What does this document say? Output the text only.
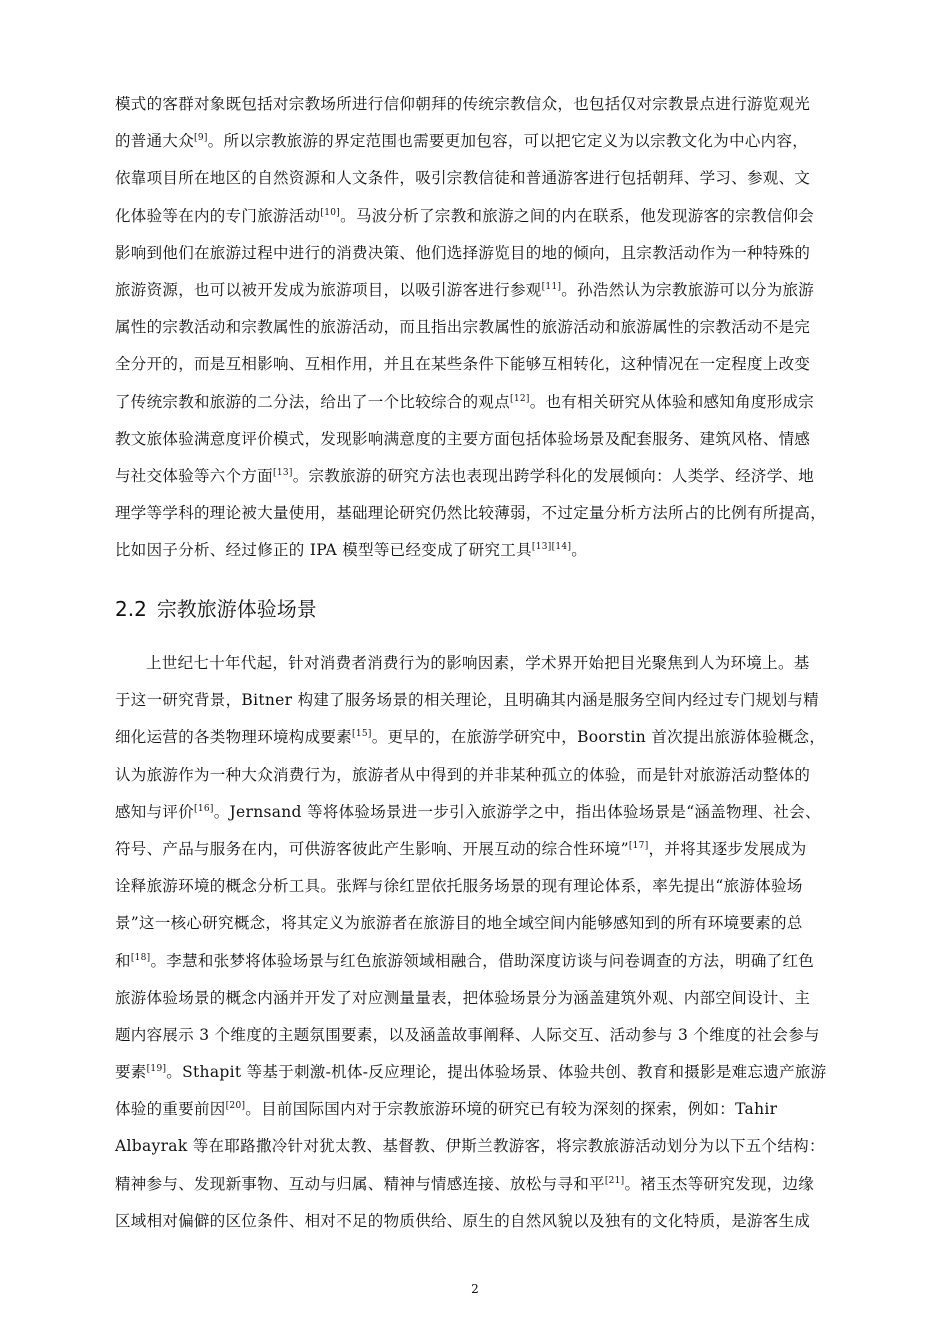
模式的客群对象既包括对宗教场所进行信仰朝拜的传统宗教信众，也包括仅对宗教景点进行游览观光
的普通大众[9]。所以宗教旅游的界定范围也需要更加包容，可以把它定义为以宗教文化为中心内容，
依靠项目所在地区的自然资源和人文条件，吸引宗教信徒和普通游客进行包括朝拜、学习、参观、文
化体验等在内的专门旅游活动[10]。马波分析了宗教和旅游之间的内在联系，他发现游客的宗教信仰会
影响到他们在旅游过程中进行的消费决策、他们选择游览目的地的倾向，且宗教活动作为一种特殊的
旅游资源，也可以被开发成为旅游项目，以吸引游客进行参观[11]。孙浩然认为宗教旅游可以分为旅游
属性的宗教活动和宗教属性的旅游活动，而且指出宗教属性的旅游活动和旅游属性的宗教活动不是完
全分开的，而是互相影响、互相作用，并且在某些条件下能够互相转化，这种情况在一定程度上改变
了传统宗教和旅游的二分法，给出了一个比较综合的观点[12]。也有相关研究从体验和感知角度形成宗
教文旅体验满意度评价模式，发现影响满意度的主要方面包括体验场景及配套服务、建筑风格、情感
与社交体验等六个方面[13]。宗教旅游的研究方法也表现出跨学科化的发展倾向：人类学、经济学、地
理学等学科的理论被大量使用，基础理论研究仍然比较薄弱，不过定量分析方法所占的比例有所提高，
比如因子分析、经过修正的 IPA 模型等已经变成了研究工具[13][14]。
2.2 宗教旅游体验场景
上世纪七十年代起，针对消费者消费行为的影响因素，学术界开始把目光聚焦到人为环境上。基
于这一研究背景，Bitner 构建了服务场景的相关理论，且明确其内涵是服务空间内经过专门规划与精
细化运营的各类物理环境构成要素[15]。更早的，在旅游学研究中，Boorstin 首次提出旅游体验概念，
认为旅游作为一种大众消费行为，旅游者从中得到的并非某种孤立的体验，而是针对旅游活动整体的
感知与评价[16]。Jernsand 等将体验场景进一步引入旅游学之中，指出体验场景是“涵盖物理、社会、
符号、产品与服务在内，可供游客彼此产生影响、开展互动的综合性环境”[17]，并将其逐步发展成为
诠释旅游环境的概念分析工具。张辉与徐红罡依托服务场景的现有理论体系，率先提出“旅游体验场
景”这一核心研究概念，将其定义为旅游者在旅游目的地全域空间内能够感知到的所有环境要素的总
和[18]。李慧和张梦将体验场景与红色旅游领域相融合，借助深度访谈与问卷调查的方法，明确了红色
旅游体验场景的概念内涵并开发了对应测量量表，把体验场景分为涵盖建筑外观、内部空间设计、主
题内容展示 3 个维度的主题氛围要素，以及涵盖故事阐释、人际交互、活动参与 3 个维度的社会参与
要素[19]。Sthapit 等基于刺激-机体-反应理论，提出体验场景、体验共创、教育和摄影是难忘遗产旅游
体验的重要前因[20]。目前国际国内对于宗教旅游环境的研究已有较为深刻的探索，例如：Tahir
Albayrak 等在耶路撒冷针对犹太教、基督教、伊斯兰教游客，将宗教旅游活动划分为以下五个结构：
精神参与、发现新事物、互动与归属、精神与情感连接、放松与寻和平[21]。褚玉杰等研究发现，边缘
区域相对偏僻的区位条件、相对不足的物质供给、原生的自然风貌以及独有的文化特质，是游客生成
2
